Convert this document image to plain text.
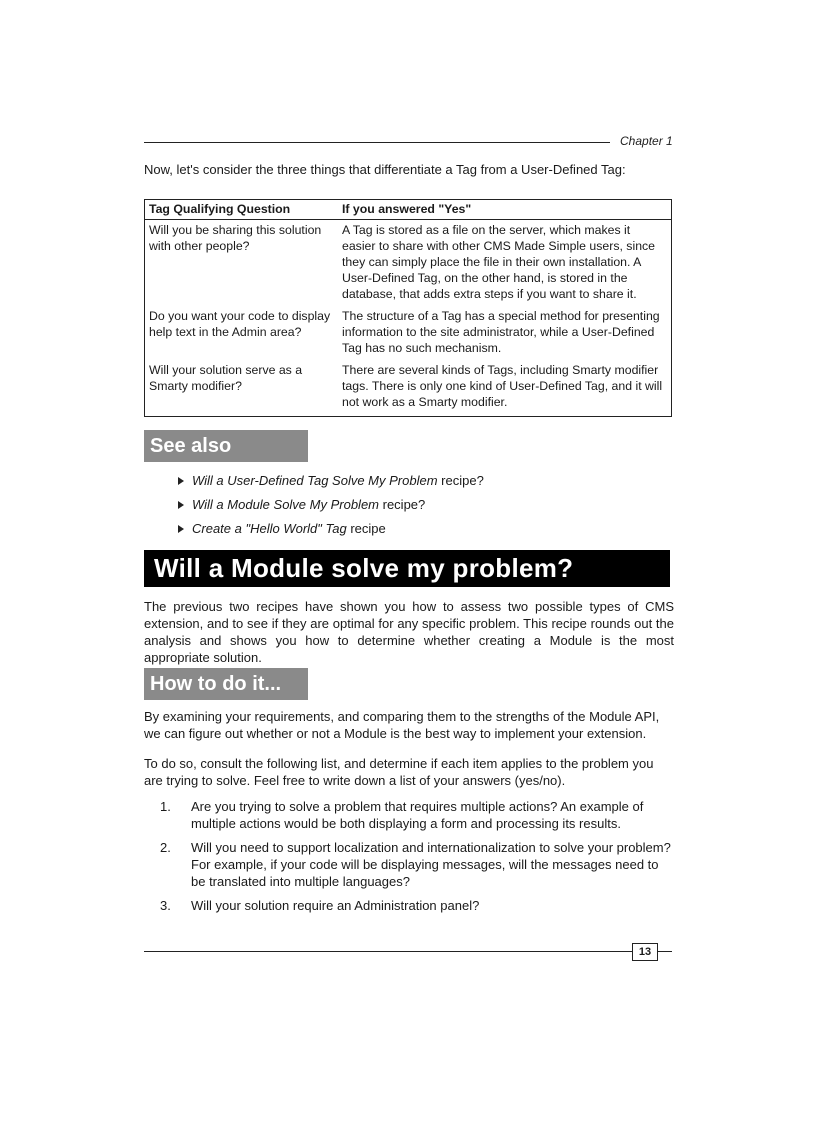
Chapter 1
Now, let's consider the three things that differentiate a Tag from a User-Defined Tag:
Tag Qualifying Question	If you answered "Yes"
Will you be sharing this solution with other people?	A Tag is stored as a file on the server, which makes it easier to share with other CMS Made Simple users, since they can simply place the file in their own installation. A User-Defined Tag, on the other hand, is stored in the database, that adds extra steps if you want to share it.
Do you want your code to display help text in the Admin area?	The structure of a Tag has a special method for presenting information to the site administrator, while a User-Defined Tag has no such mechanism.
Will your solution serve as a Smarty modifier?	There are several kinds of Tags, including Smarty modifier tags. There is only one kind of User-Defined Tag, and it will not work as a Smarty modifier.
See also
Will a User-Defined Tag Solve My Problem recipe?
Will a Module Solve My Problem recipe?
Create a "Hello World" Tag recipe
Will a Module solve my problem?
The previous two recipes have shown you how to assess two possible types of CMS extension, and to see if they are optimal for any specific problem. This recipe rounds out the analysis and shows you how to determine whether creating a Module is the most appropriate solution.
How to do it...
By examining your requirements, and comparing them to the strengths of the Module API, we can figure out whether or not a Module is the best way to implement your extension.
To do so, consult the following list, and determine if each item applies to the problem you are trying to solve. Feel free to write down a list of your answers (yes/no).
1. Are you trying to solve a problem that requires multiple actions? An example of multiple actions would be both displaying a form and processing its results.
2. Will you need to support localization and internationalization to solve your problem? For example, if your code will be displaying messages, will the messages need to be translated into multiple languages?
3. Will your solution require an Administration panel?
13
